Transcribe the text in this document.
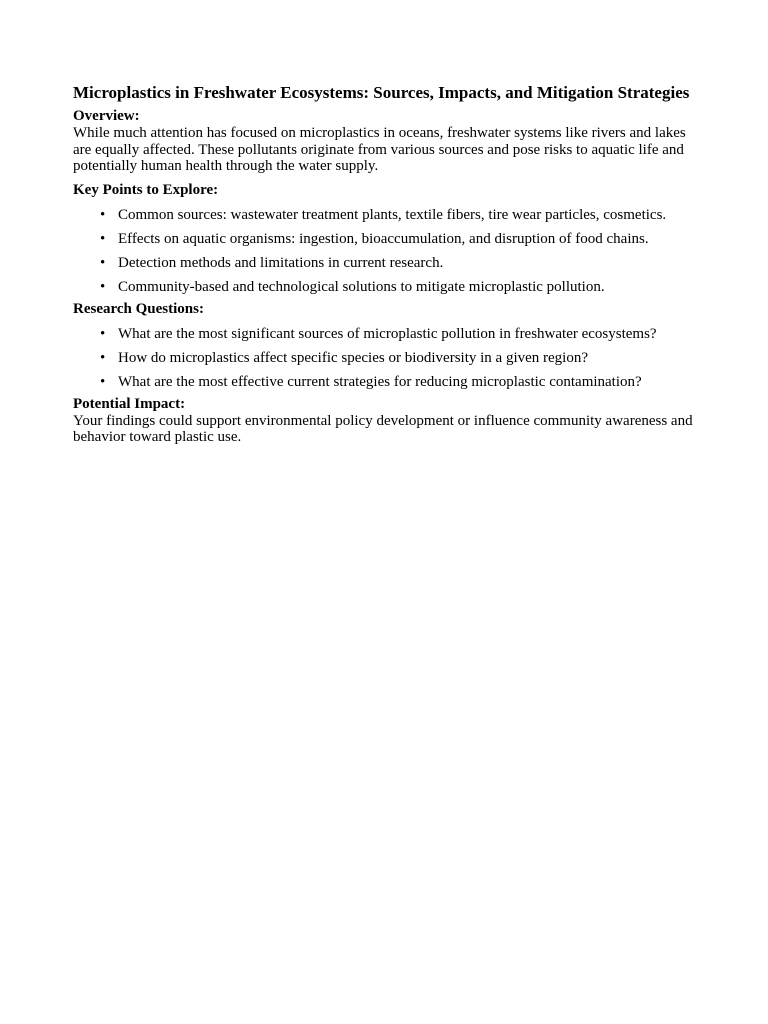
Microplastics in Freshwater Ecosystems: Sources, Impacts, and Mitigation Strategies

Overview:

While much attention has focused on microplastics in oceans, freshwater systems like rivers and lakes are equally affected. These pollutants originate from various sources and pose risks to aquatic life and potentially human health through the water supply.

Key Points to Explore:

• Common sources: wastewater treatment plants, textile fibers, tire wear particles, cosmetics.
• Effects on aquatic organisms: ingestion, bioaccumulation, and disruption of food chains.
• Detection methods and limitations in current research.
• Community-based and technological solutions to mitigate microplastic pollution.

Research Questions:

• What are the most significant sources of microplastic pollution in freshwater ecosystems?
• How do microplastics affect specific species or biodiversity in a given region?
• What are the most effective current strategies for reducing microplastic contamination?

Potential Impact:

Your findings could support environmental policy development or influence community awareness and behavior toward plastic use.
